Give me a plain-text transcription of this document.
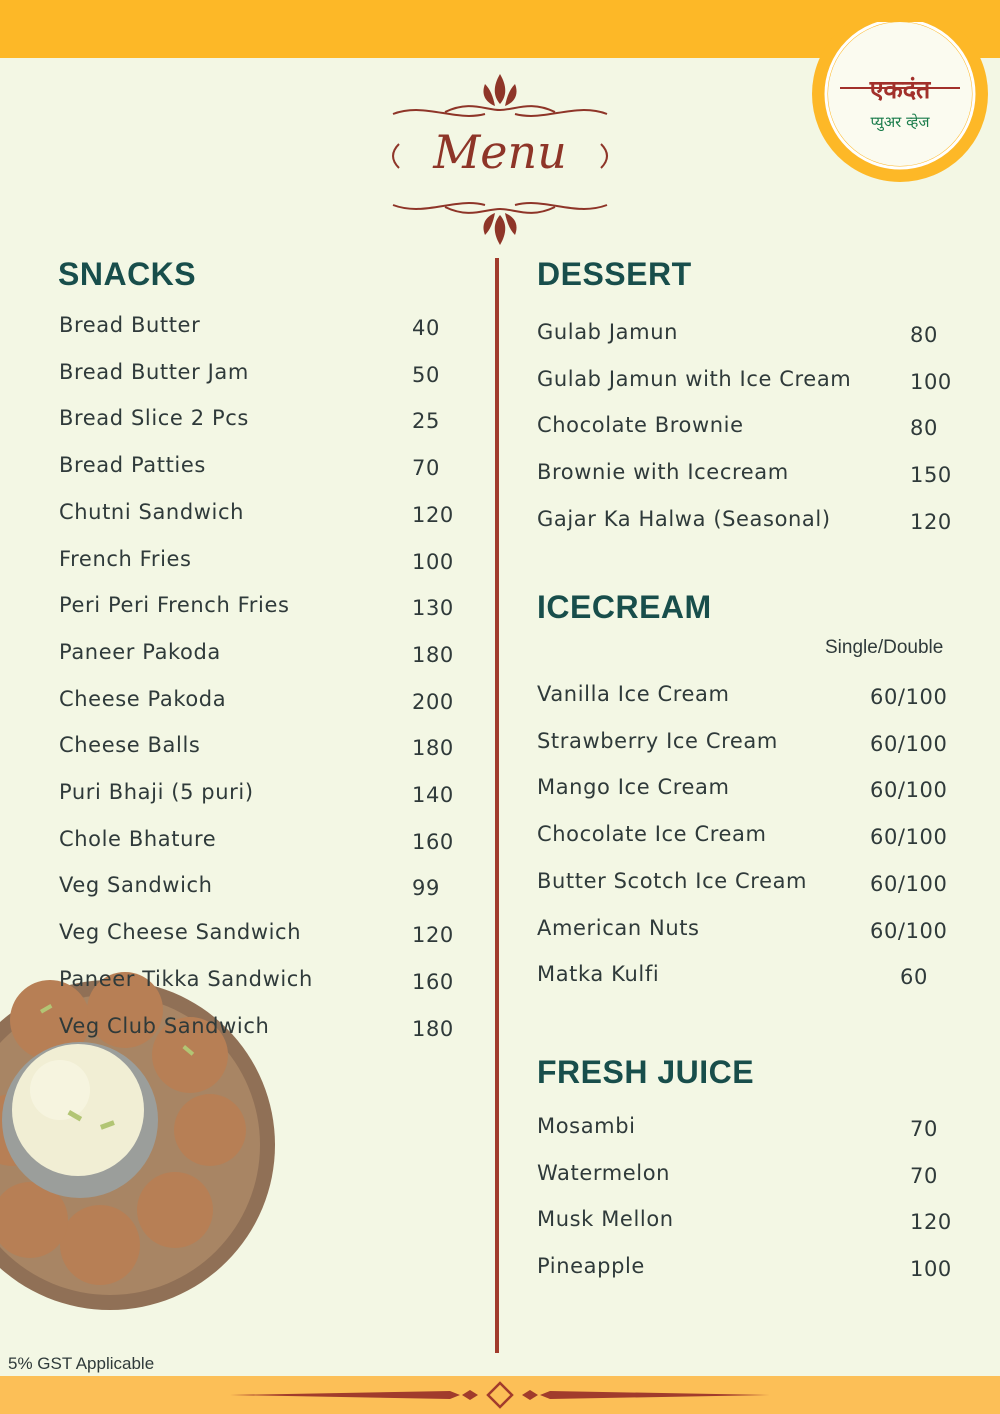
एकदंत
प्युअर व्हेज
Menu
SNACKS
Bread Butter	40
Bread Butter Jam	50
Bread Slice 2 Pcs	25
Bread Patties	70
Chutni Sandwich	120
French Fries	100
Peri Peri French Fries	130
Paneer Pakoda	180
Cheese Pakoda	200
Cheese Balls	180
Puri Bhaji (5 puri)	140
Chole Bhature	160
Veg Sandwich	99
Veg Cheese Sandwich	120
Paneer Tikka Sandwich	160
Veg Club Sandwich	180
DESSERT
Gulab Jamun	80
Gulab Jamun with Ice Cream	100
Chocolate Brownie	80
Brownie with Icecream	150
Gajar Ka Halwa (Seasonal)	120
ICECREAM
Single/Double
Vanilla Ice Cream	60/100
Strawberry Ice Cream	60/100
Mango Ice Cream	60/100
Chocolate Ice Cream	60/100
Butter Scotch Ice Cream	60/100
American Nuts	60/100
Matka Kulfi	60
FRESH JUICE
Mosambi	70
Watermelon	70
Musk Mellon	120
Pineapple	100
5% GST Applicable
